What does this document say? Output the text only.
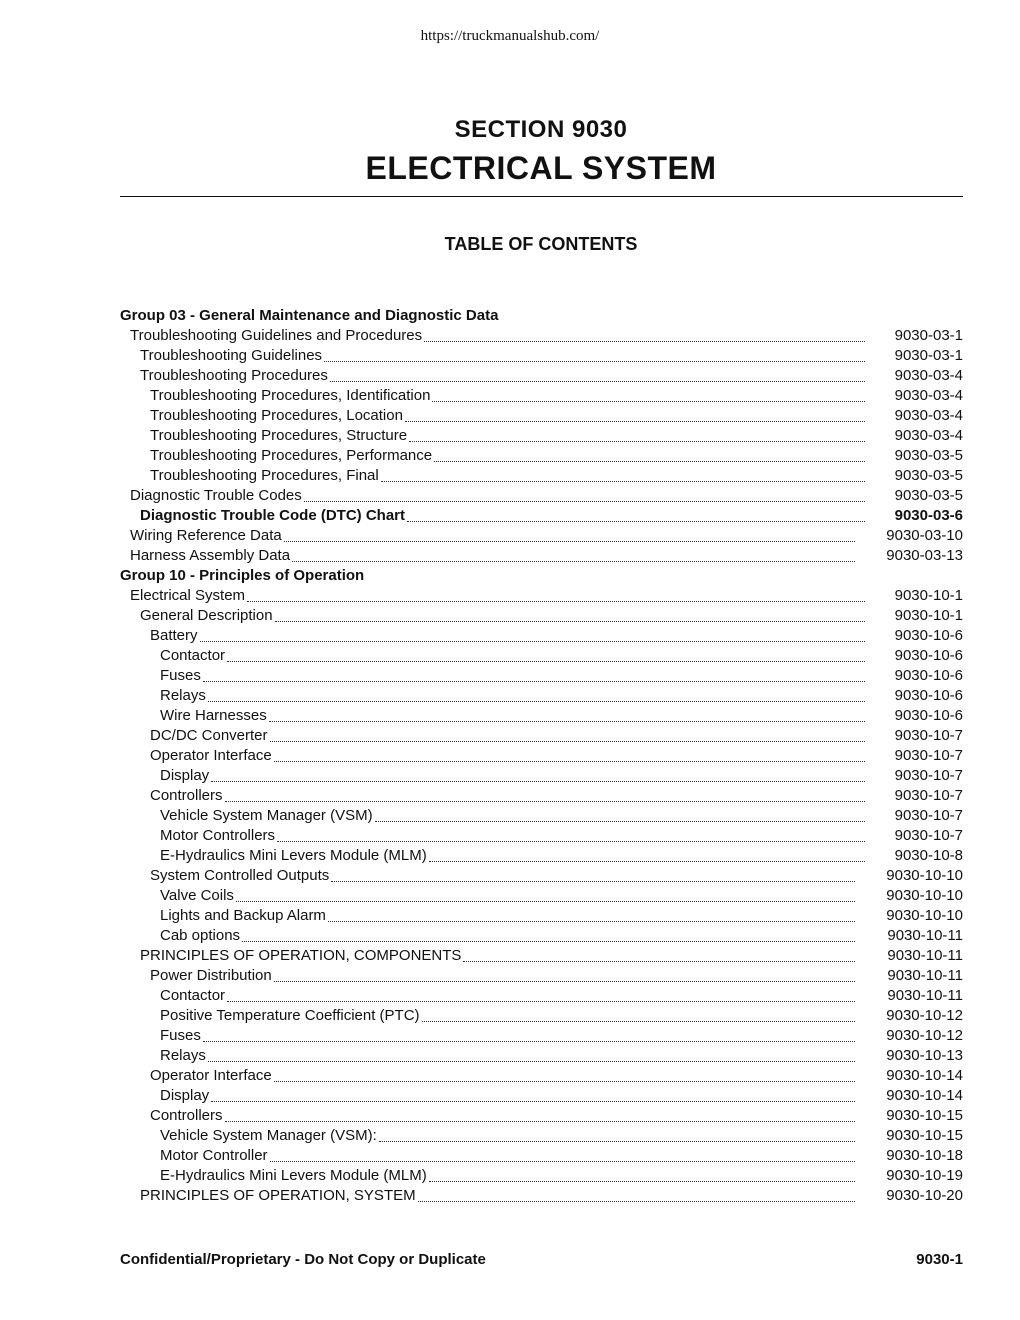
https://truckmanualshub.com/
SECTION 9030
ELECTRICAL SYSTEM
TABLE OF CONTENTS
Group 03 - General Maintenance and Diagnostic Data
Troubleshooting Guidelines and Procedures	9030-03-1
Troubleshooting Guidelines	9030-03-1
Troubleshooting Procedures	9030-03-4
Troubleshooting Procedures, Identification	9030-03-4
Troubleshooting Procedures, Location	9030-03-4
Troubleshooting Procedures, Structure	9030-03-4
Troubleshooting Procedures, Performance	9030-03-5
Troubleshooting Procedures, Final	9030-03-5
Diagnostic Trouble Codes	9030-03-5
Diagnostic Trouble Code (DTC) Chart	9030-03-6
Wiring Reference Data	9030-03-10
Harness Assembly Data	9030-03-13
Group 10 - Principles of Operation
Electrical System	9030-10-1
General Description	9030-10-1
Battery	9030-10-6
Contactor	9030-10-6
Fuses	9030-10-6
Relays	9030-10-6
Wire Harnesses	9030-10-6
DC/DC Converter	9030-10-7
Operator Interface	9030-10-7
Display	9030-10-7
Controllers	9030-10-7
Vehicle System Manager (VSM)	9030-10-7
Motor Controllers	9030-10-7
E-Hydraulics Mini Levers Module (MLM)	9030-10-8
System Controlled Outputs	9030-10-10
Valve Coils	9030-10-10
Lights and Backup Alarm	9030-10-10
Cab options	9030-10-11
PRINCIPLES OF OPERATION, COMPONENTS	9030-10-11
Power Distribution	9030-10-11
Contactor	9030-10-11
Positive Temperature Coefficient (PTC)	9030-10-12
Fuses	9030-10-12
Relays	9030-10-13
Operator Interface	9030-10-14
Display	9030-10-14
Controllers	9030-10-15
Vehicle System Manager (VSM):	9030-10-15
Motor Controller	9030-10-18
E-Hydraulics Mini Levers Module (MLM)	9030-10-19
PRINCIPLES OF OPERATION, SYSTEM	9030-10-20
Confidential/Proprietary - Do Not Copy or Duplicate	9030-1
